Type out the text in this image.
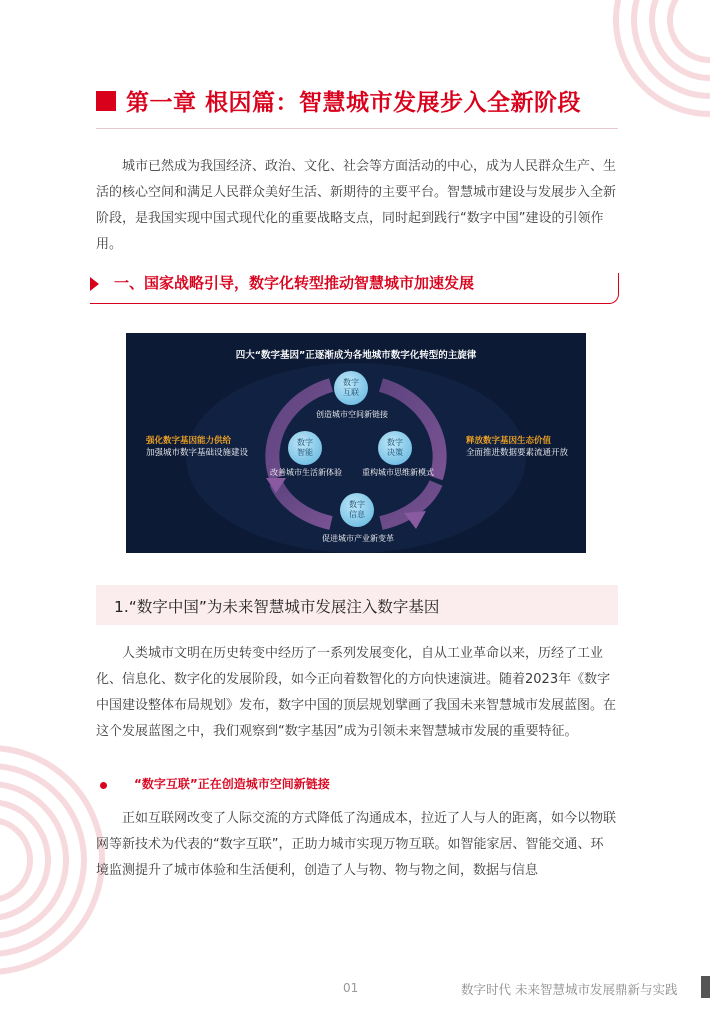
第一章 根因篇：智慧城市发展步入全新阶段

城市已然成为我国经济、政治、文化、社会等方面活动的中心，成为人民群众生产、生活的核心空间和满足人民群众美好生活、新期待的主要平台。智慧城市建设与发展步入全新阶段，是我国实现中国式现代化的重要战略支点，同时起到践行“数字中国”建设的引领作用。

一、国家战略引导，数字化转型推动智慧城市加速发展
四大“数字基因”正逐渐成为各地城市数字化转型的主旋律
数字
互联
创造城市空间新链接
数字
智能
改善城市生活新体验
数字
决策
重构城市思维新模式
数字
信息
促进城市产业新变革
强化数字基因能力供给
加强城市数字基础设施建设
释放数字基因生态价值
全面推进数据要素流通开放
1.“数字中国”为未来智慧城市发展注入数字基因

人类城市文明在历史转变中经历了一系列发展变化，自从工业革命以来，历经了工业化、信息化、数字化的发展阶段，如今正向着数智化的方向快速演进。随着2023年《数字中国建设整体布局规划》发布，数字中国的顶层规划擘画了我国未来智慧城市发展蓝图。在这个发展蓝图之中，我们观察到“数字基因”成为引领未来智慧城市发展的重要特征。

“数字互联”正在创造城市空间新链接

正如互联网改变了人际交流的方式降低了沟通成本，拉近了人与人的距离，如今以物联网等新技术为代表的“数字互联”，正助力城市实现万物互联。如智能家居、智能交通、环境监测提升了城市体验和生活便利，创造了人与物、物与物之间，数据与信息

01	数字时代 未来智慧城市发展鼎新与实践
